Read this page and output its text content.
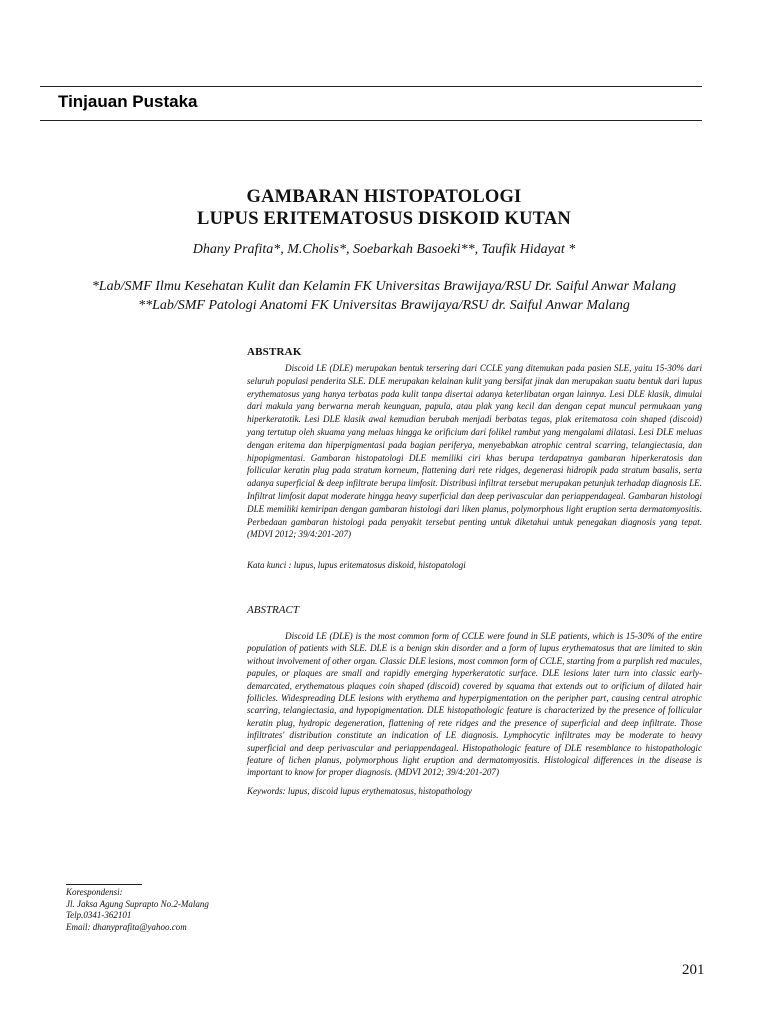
Tinjauan Pustaka
GAMBARAN HISTOPATOLOGI
LUPUS ERITEMATOSUS DISKOID KUTAN
Dhany Prafita*, M.Cholis*, Soebarkah Basoeki**, Taufik Hidayat *
*Lab/SMF Ilmu Kesehatan Kulit dan Kelamin FK Universitas Brawijaya/RSU Dr. Saiful Anwar Malang
**Lab/SMF Patologi Anatomi FK Universitas Brawijaya/RSU dr. Saiful Anwar Malang
ABSTRAK

Discoid LE (DLE) merupakan bentuk tersering dari CCLE yang ditemukan pada pasien SLE, yaitu 15-30% dari seluruh populasi penderita SLE. DLE merupakan kelainan kulit yang bersifat jinak dan merupakan suatu bentuk dari lupus erythematosus yang hanya terbatas pada kulit tanpa disertai adanya keterlibatan organ lainnya. Lesi DLE klasik, dimulai dari makula yang berwarna merah keunguan, papula, atau plak yang kecil dan dengan cepat muncul permukaan yang hiperkeratotik. Lesi DLE klasik awal kemudian berubah menjadi berbatas tegas, plak eritematosa coin shaped (discoid) yang tertutup oleh skuama yang meluas hingga ke orificium dari folikel rambut yang mengalami dilatasi. Lesi DLE meluas dengan eritema dan hiperpigmentasi pada bagian periferya, menyebabkan atrophic central scarring, telangiectasia, dan hipopigmentasi. Gambaran histopatologi DLE memiliki ciri khas berupa terdapatnya gambaran hiperkeratosis dan follicular keratin plug pada stratum korneum, flattening dari rete ridges, degenerasi hidropik pada stratum basalis, serta adanya superficial & deep infiltrate berupa limfosit. Distribusi infiltrat tersebut merupakan petunjuk terhadap diagnosis LE. Infiltrat limfosit dapat moderate hingga heavy superficial dan deep perivascular dan periappendageal. Gambaran histologi DLE memiliki kemiripan dengan gambaran histologi dari liken planus, polymorphous light eruption serta dermatomyositis. Perbedaan gambaran histologi pada penyakit tersebut penting untuk diketahui untuk penegakan diagnosis yang tepat. (MDVI 2012; 39/4:201-207)

Kata kunci : lupus, lupus eritematosus diskoid, histopatologi
ABSTRACT

Discoid LE (DLE) is the most common form of CCLE were found in SLE patients, which is 15-30% of the entire population of patients with SLE. DLE is a benign skin disorder and a form of lupus erythematosus that are limited to skin without involvement of other organ. Classic DLE lesions, most common form of CCLE, starting from a purplish red macules, papules, or plaques are small and rapidly emerging hyperkeratotic surface. DLE lesions later turn into classic early-demarcated, erythematous plaques coin shaped (discoid) covered by squama that extends out to orificium of dilated hair follicles. Widespreading DLE lesions with erythema and hyperpigmentation on the peripher part, causing central atrophic scarring, telangiectasia, and hypopigmentation. DLE histopathologic feature is characterized by the presence of follicular keratin plug, hydropic degeneration, flattening of rete ridges and the presence of superficial and deep infiltrate. Those infiltrates' distribution constitute an indication of LE diagnosis. Lymphocytic infiltrates may be moderate to heavy superficial and deep perivascular and periappendageal. Histopathologic feature of DLE resemblance to histopathologic feature of lichen planus, polymorphous light eruption and dermatomyositis. Histological differences in the disease is important to know for proper diagnosis. (MDVI 2012; 39/4:201-207)

Keywords: lupus, discoid lupus erythematosus, histopathology
Korespondensi:
Jl. Jaksa Agung Suprapto No.2-Malang
Telp.0341-362101
Email: dhanyprafita@yahoo.com
201
